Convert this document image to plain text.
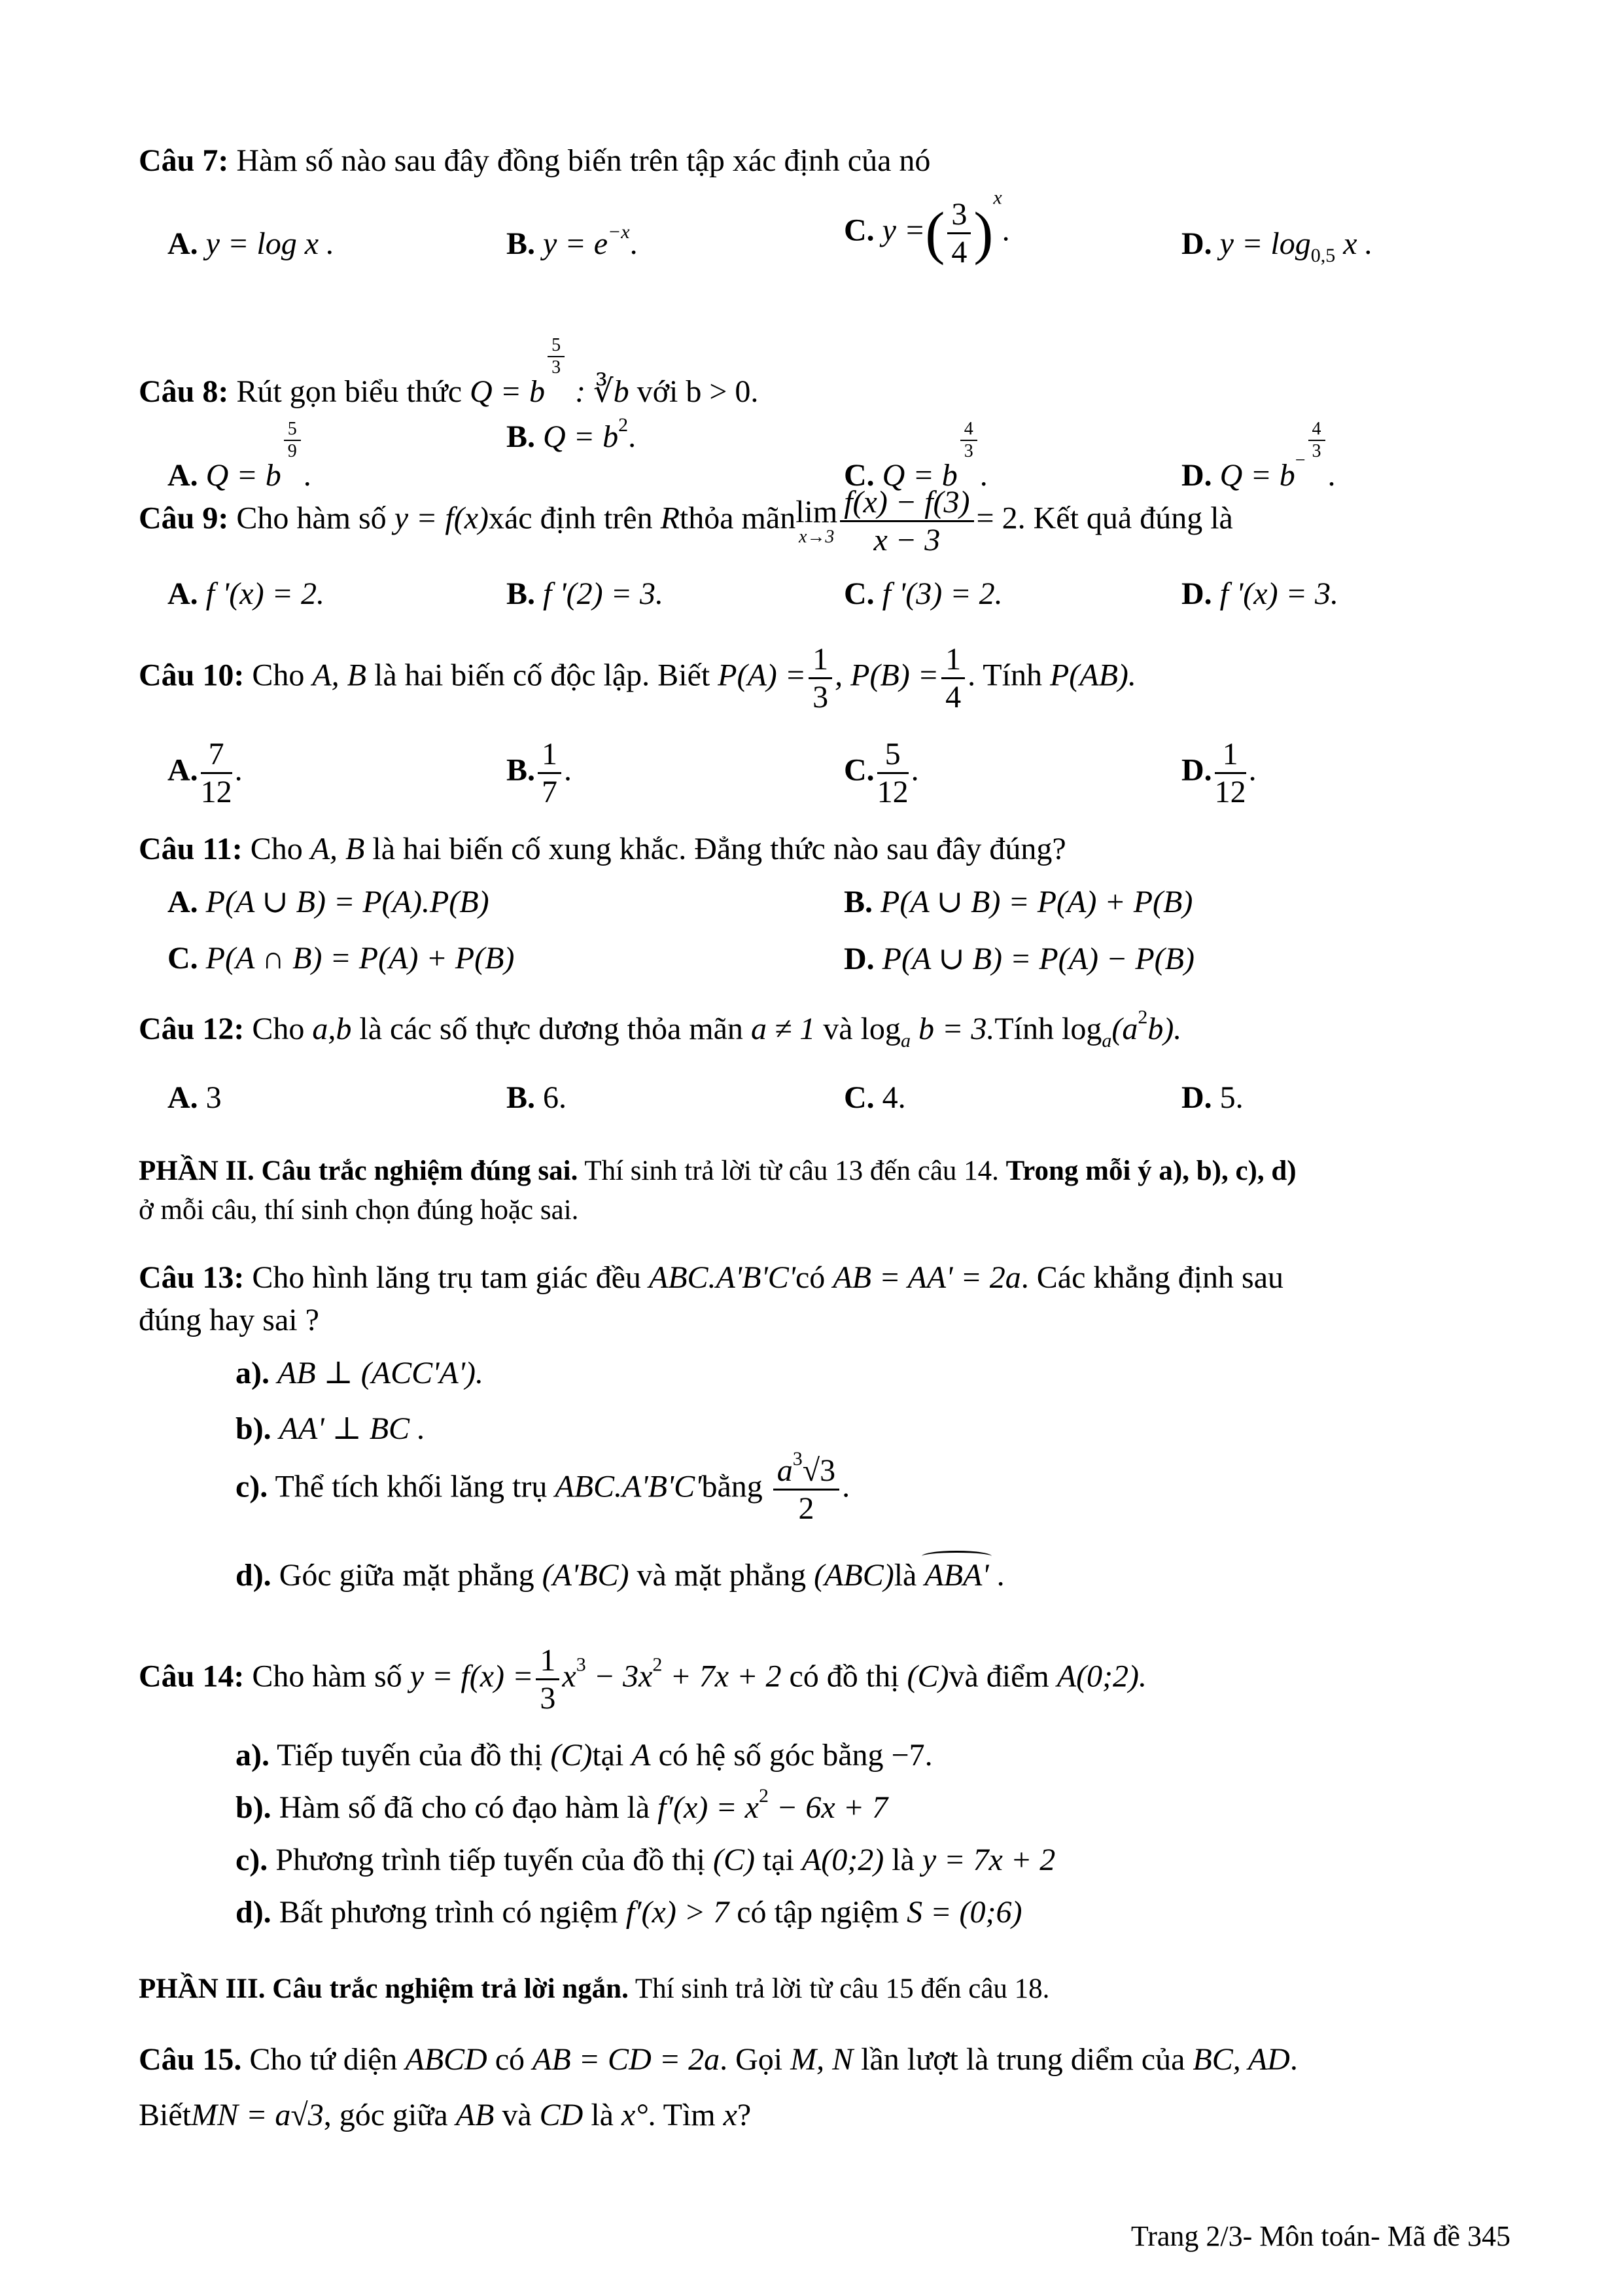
Câu 7: Hàm số nào sau đây đồng biến trên tập xác định của nó
A. y = log x .	B. $y = e^{-x}$.	C. y =( $\frac{3}{4} )^x$.	D. $y = \log_{0,5} x$ .
Câu 8: Rút gọn biểu thức Q = b
$\frac{5}{3}$
: ∛b với b > 0.
A. Q = b
$\frac{5}{9}$
.
B. $Q = b^2$.
C. Q = b
$\frac{4}{3}$
.	D. $Q = b^- \frac{4}{3}$
.
Câu 9: Cho hàm số y = f(x)xác định trên Rthỏa mãn lim
$x\to 3 \frac{f(x) - f(3)}{x - 3} = 2$. Kết quả đúng là
A. f '(x) = 2.	B. f '(2) = 3.	C. f '(3) = 2.	D. f '(x) = 3.
Câu 10: Cho A, B là hai biến cố độc lập. Biết $P(A) = \frac{1}{3}$ , $P(B) = \frac{1}{4}$ . Tính P(AB).
A. $\frac{7}{12}$ .	B. $\frac{1}{7}$ .	C. $\frac{5}{12}$ .	D. $\frac{1}{12}$ .
Câu 11: Cho A, B là hai biến cố xung khắc. Đẳng thức nào sau đây đúng?
A. P(A ∪ B) = P(A).P(B)	B. P(A ∪ B) = P(A) + P(B)
C. P(A ∩ B) = P(A) + P(B)	D. P(A ∪ B) = P(A) − P(B)
Câu 12: Cho a,b là các số thực dương thỏa mãn a ≠ 1 và $\log_a b$ = 3.Tính $\log_a(a^2b)$.
A. 3	B. 6.	C. 4.	D. 5.
PHẦN II. Câu trắc nghiệm đúng sai. Thí sinh trả lời từ câu 13 đến câu 14. Trong mỗi ý a), b), c), d)
ở mỗi câu, thí sinh chọn đúng hoặc sai.
Câu 13: Cho hình lăng trụ tam giác đều ABC.A'B'C'có AB = AA' = 2a. Các khẳng định sau
đúng hay sai ?
a). AB ⊥ (ACC'A').
b). AA' ⊥ BC .
c). Thể tích khối lăng trụ ABC.A'B'C'bằng $\frac{a^3√3}{2}$ .
d). Góc giữa mặt phẳng (A'BC) và mặt phẳng (ABC)là ABA' .
Câu 14: Cho hàm số $y = f(x) = \frac{1}{3} x^3 - 3x^2 + 7x + 2$ có đồ thị (C)và điểm A(0;2).
a). Tiếp tuyến của đồ thị (C)tại A có hệ số góc bằng −7.
b). Hàm số đã cho có đạo hàm là $f'(x) = x^2 - 6x + 7$
c). Phương trình tiếp tuyến của đồ thị (C) tại A(0;2) là y = 7x + 2
d). Bất phương trình có ngiệm f′(x) > 7 có tập ngiệm S = (0;6)
PHẦN III. Câu trắc nghiệm trả lời ngắn. Thí sinh trả lời từ câu 15 đến câu 18.
Câu 15. Cho tứ diện ABCD có AB = CD = 2a. Gọi M, N lần lượt là trung diểm của BC, AD.
BiếtMN = a√3, góc giữa AB và CD là x°. Tìm x?
Trang 2/3- Môn toán- Mã đề 345
